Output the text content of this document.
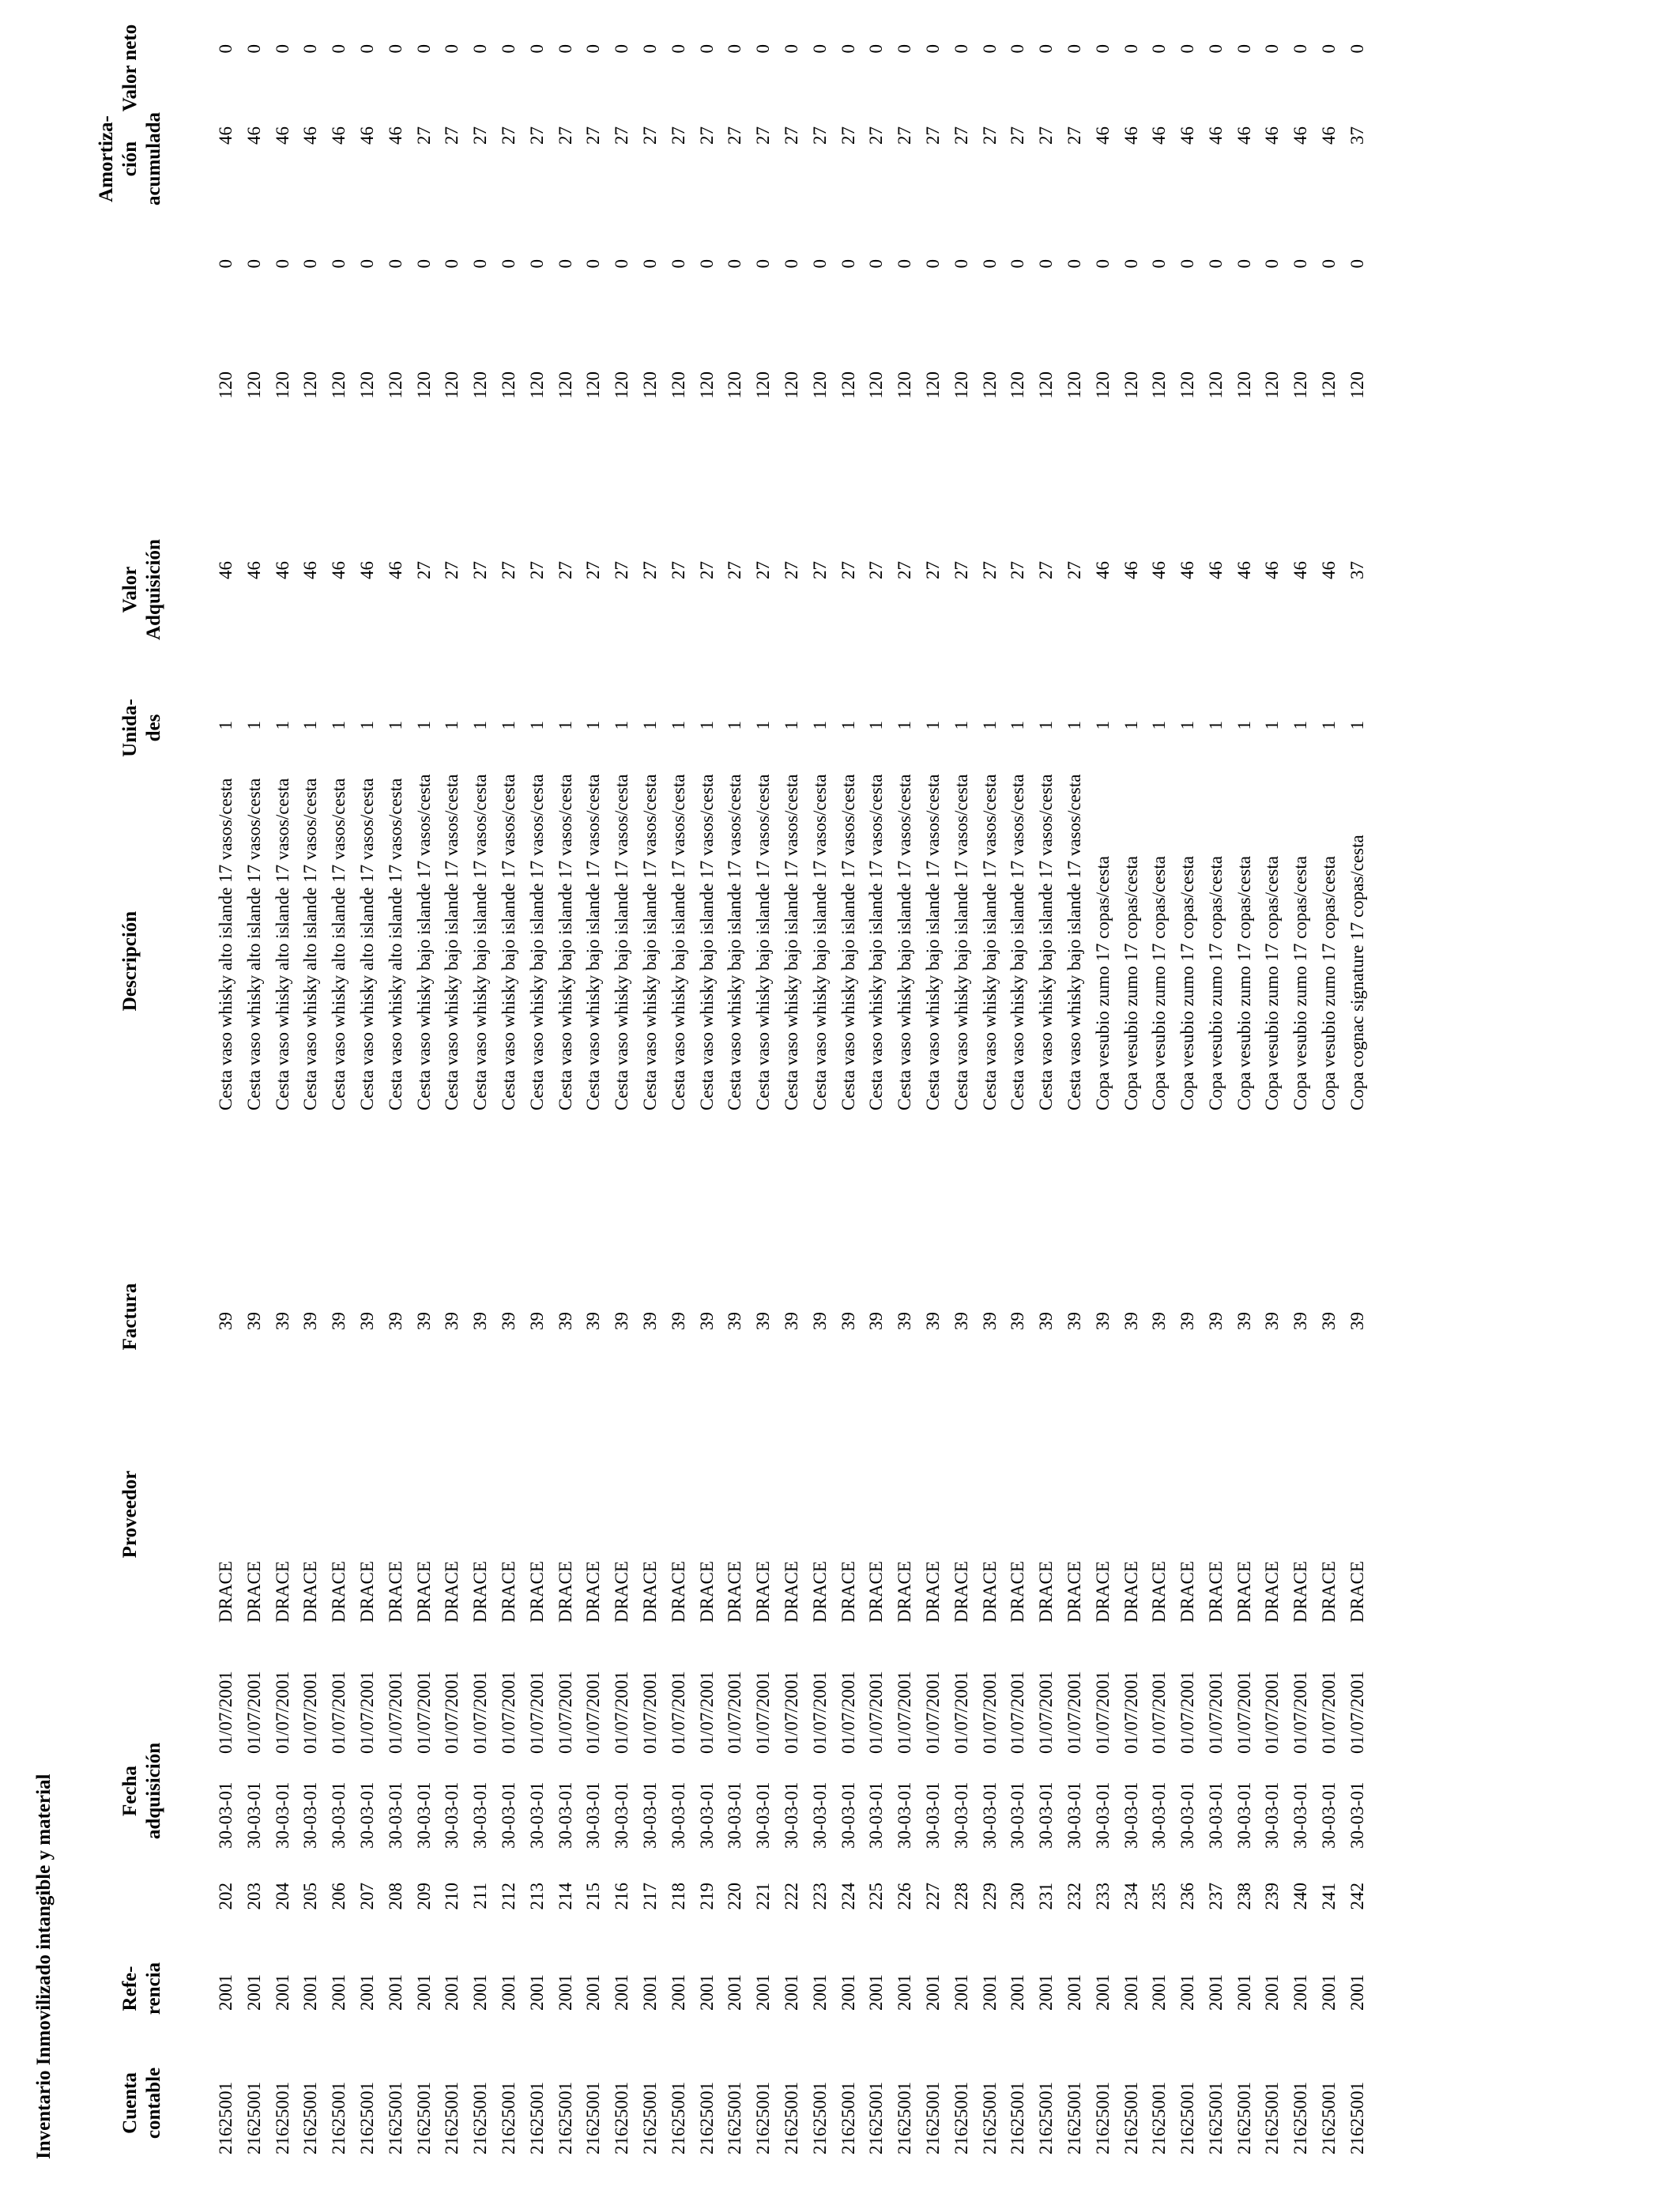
Inventario Inmovilizado intangible y material	Cuenta
contable
Refe-
rencia
Fecha
adquisición
Proveedor
Factura
Descripción
Unida-
des
Valor
Adquisición
Amortiza-
ción
acumulada
Valor neto
21625001
2001
202
30-03-01
01/07/2001
DRACE
39
Cesta vaso whisky alto islande 17 vasos/cesta
1
46
120
0
46
0
21625001
2001
203
30-03-01
01/07/2001
DRACE
39
Cesta vaso whisky alto islande 17 vasos/cesta
1
46
120
0
46
0
21625001
2001
204
30-03-01
01/07/2001
DRACE
39
Cesta vaso whisky alto islande 17 vasos/cesta
1
46
120
0
46
0
21625001
2001
205
30-03-01
01/07/2001
DRACE
39
Cesta vaso whisky alto islande 17 vasos/cesta
1
46
120
0
46
0
21625001
2001
206
30-03-01
01/07/2001
DRACE
39
Cesta vaso whisky alto islande 17 vasos/cesta
1
46
120
0
46
0
21625001
2001
207
30-03-01
01/07/2001
DRACE
39
Cesta vaso whisky alto islande 17 vasos/cesta
1
46
120
0
46
0
21625001
2001
208
30-03-01
01/07/2001
DRACE
39
Cesta vaso whisky alto islande 17 vasos/cesta
1
46
120
0
46
0
21625001
2001
209
30-03-01
01/07/2001
DRACE
39
Cesta vaso whisky bajo islande 17 vasos/cesta
1
27
120
0
27
0
21625001
2001
210
30-03-01
01/07/2001
DRACE
39
Cesta vaso whisky bajo islande 17 vasos/cesta
1
27
120
0
27
0
21625001
2001
211
30-03-01
01/07/2001
DRACE
39
Cesta vaso whisky bajo islande 17 vasos/cesta
1
27
120
0
27
0
21625001
2001
212
30-03-01
01/07/2001
DRACE
39
Cesta vaso whisky bajo islande 17 vasos/cesta
1
27
120
0
27
0
21625001
2001
213
30-03-01
01/07/2001
DRACE
39
Cesta vaso whisky bajo islande 17 vasos/cesta
1
27
120
0
27
0
21625001
2001
214
30-03-01
01/07/2001
DRACE
39
Cesta vaso whisky bajo islande 17 vasos/cesta
1
27
120
0
27
0
21625001
2001
215
30-03-01
01/07/2001
DRACE
39
Cesta vaso whisky bajo islande 17 vasos/cesta
1
27
120
0
27
0
21625001
2001
216
30-03-01
01/07/2001
DRACE
39
Cesta vaso whisky bajo islande 17 vasos/cesta
1
27
120
0
27
0
21625001
2001
217
30-03-01
01/07/2001
DRACE
39
Cesta vaso whisky bajo islande 17 vasos/cesta
1
27
120
0
27
0
21625001
2001
218
30-03-01
01/07/2001
DRACE
39
Cesta vaso whisky bajo islande 17 vasos/cesta
1
27
120
0
27
0
21625001
2001
219
30-03-01
01/07/2001
DRACE
39
Cesta vaso whisky bajo islande 17 vasos/cesta
1
27
120
0
27
0
21625001
2001
220
30-03-01
01/07/2001
DRACE
39
Cesta vaso whisky bajo islande 17 vasos/cesta
1
27
120
0
27
0
21625001
2001
221
30-03-01
01/07/2001
DRACE
39
Cesta vaso whisky bajo islande 17 vasos/cesta
1
27
120
0
27
0
21625001
2001
222
30-03-01
01/07/2001
DRACE
39
Cesta vaso whisky bajo islande 17 vasos/cesta
1
27
120
0
27
0
21625001
2001
223
30-03-01
01/07/2001
DRACE
39
Cesta vaso whisky bajo islande 17 vasos/cesta
1
27
120
0
27
0
21625001
2001
224
30-03-01
01/07/2001
DRACE
39
Cesta vaso whisky bajo islande 17 vasos/cesta
1
27
120
0
27
0
21625001
2001
225
30-03-01
01/07/2001
DRACE
39
Cesta vaso whisky bajo islande 17 vasos/cesta
1
27
120
0
27
0
21625001
2001
226
30-03-01
01/07/2001
DRACE
39
Cesta vaso whisky bajo islande 17 vasos/cesta
1
27
120
0
27
0
21625001
2001
227
30-03-01
01/07/2001
DRACE
39
Cesta vaso whisky bajo islande 17 vasos/cesta
1
27
120
0
27
0
21625001
2001
228
30-03-01
01/07/2001
DRACE
39
Cesta vaso whisky bajo islande 17 vasos/cesta
1
27
120
0
27
0
21625001
2001
229
30-03-01
01/07/2001
DRACE
39
Cesta vaso whisky bajo islande 17 vasos/cesta
1
27
120
0
27
0
21625001
2001
230
30-03-01
01/07/2001
DRACE
39
Cesta vaso whisky bajo islande 17 vasos/cesta
1
27
120
0
27
0
21625001
2001
231
30-03-01
01/07/2001
DRACE
39
Cesta vaso whisky bajo islande 17 vasos/cesta
1
27
120
0
27
0
21625001
2001
232
30-03-01
01/07/2001
DRACE
39
Cesta vaso whisky bajo islande 17 vasos/cesta
1
27
120
0
27
0
21625001
2001
233
30-03-01
01/07/2001
DRACE
39
Copa vesubio zumo 17 copas/cesta
1
46
120
0
46
0
21625001
2001
234
30-03-01
01/07/2001
DRACE
39
Copa vesubio zumo 17 copas/cesta
1
46
120
0
46
0
21625001
2001
235
30-03-01
01/07/2001
DRACE
39
Copa vesubio zumo 17 copas/cesta
1
46
120
0
46
0
21625001
2001
236
30-03-01
01/07/2001
DRACE
39
Copa vesubio zumo 17 copas/cesta
1
46
120
0
46
0
21625001
2001
237
30-03-01
01/07/2001
DRACE
39
Copa vesubio zumo 17 copas/cesta
1
46
120
0
46
0
21625001
2001
238
30-03-01
01/07/2001
DRACE
39
Copa vesubio zumo 17 copas/cesta
1
46
120
0
46
0
21625001
2001
239
30-03-01
01/07/2001
DRACE
39
Copa vesubio zumo 17 copas/cesta
1
46
120
0
46
0
21625001
2001
240
30-03-01
01/07/2001
DRACE
39
Copa vesubio zumo 17 copas/cesta
1
46
120
0
46
0
21625001
2001
241
30-03-01
01/07/2001
DRACE
39
Copa vesubio zumo 17 copas/cesta
1
46
120
0
46
0
21625001
2001
242
30-03-01
01/07/2001
DRACE
39
Copa cognac signature 17 copas/cesta
1
37
120
0
37
0
